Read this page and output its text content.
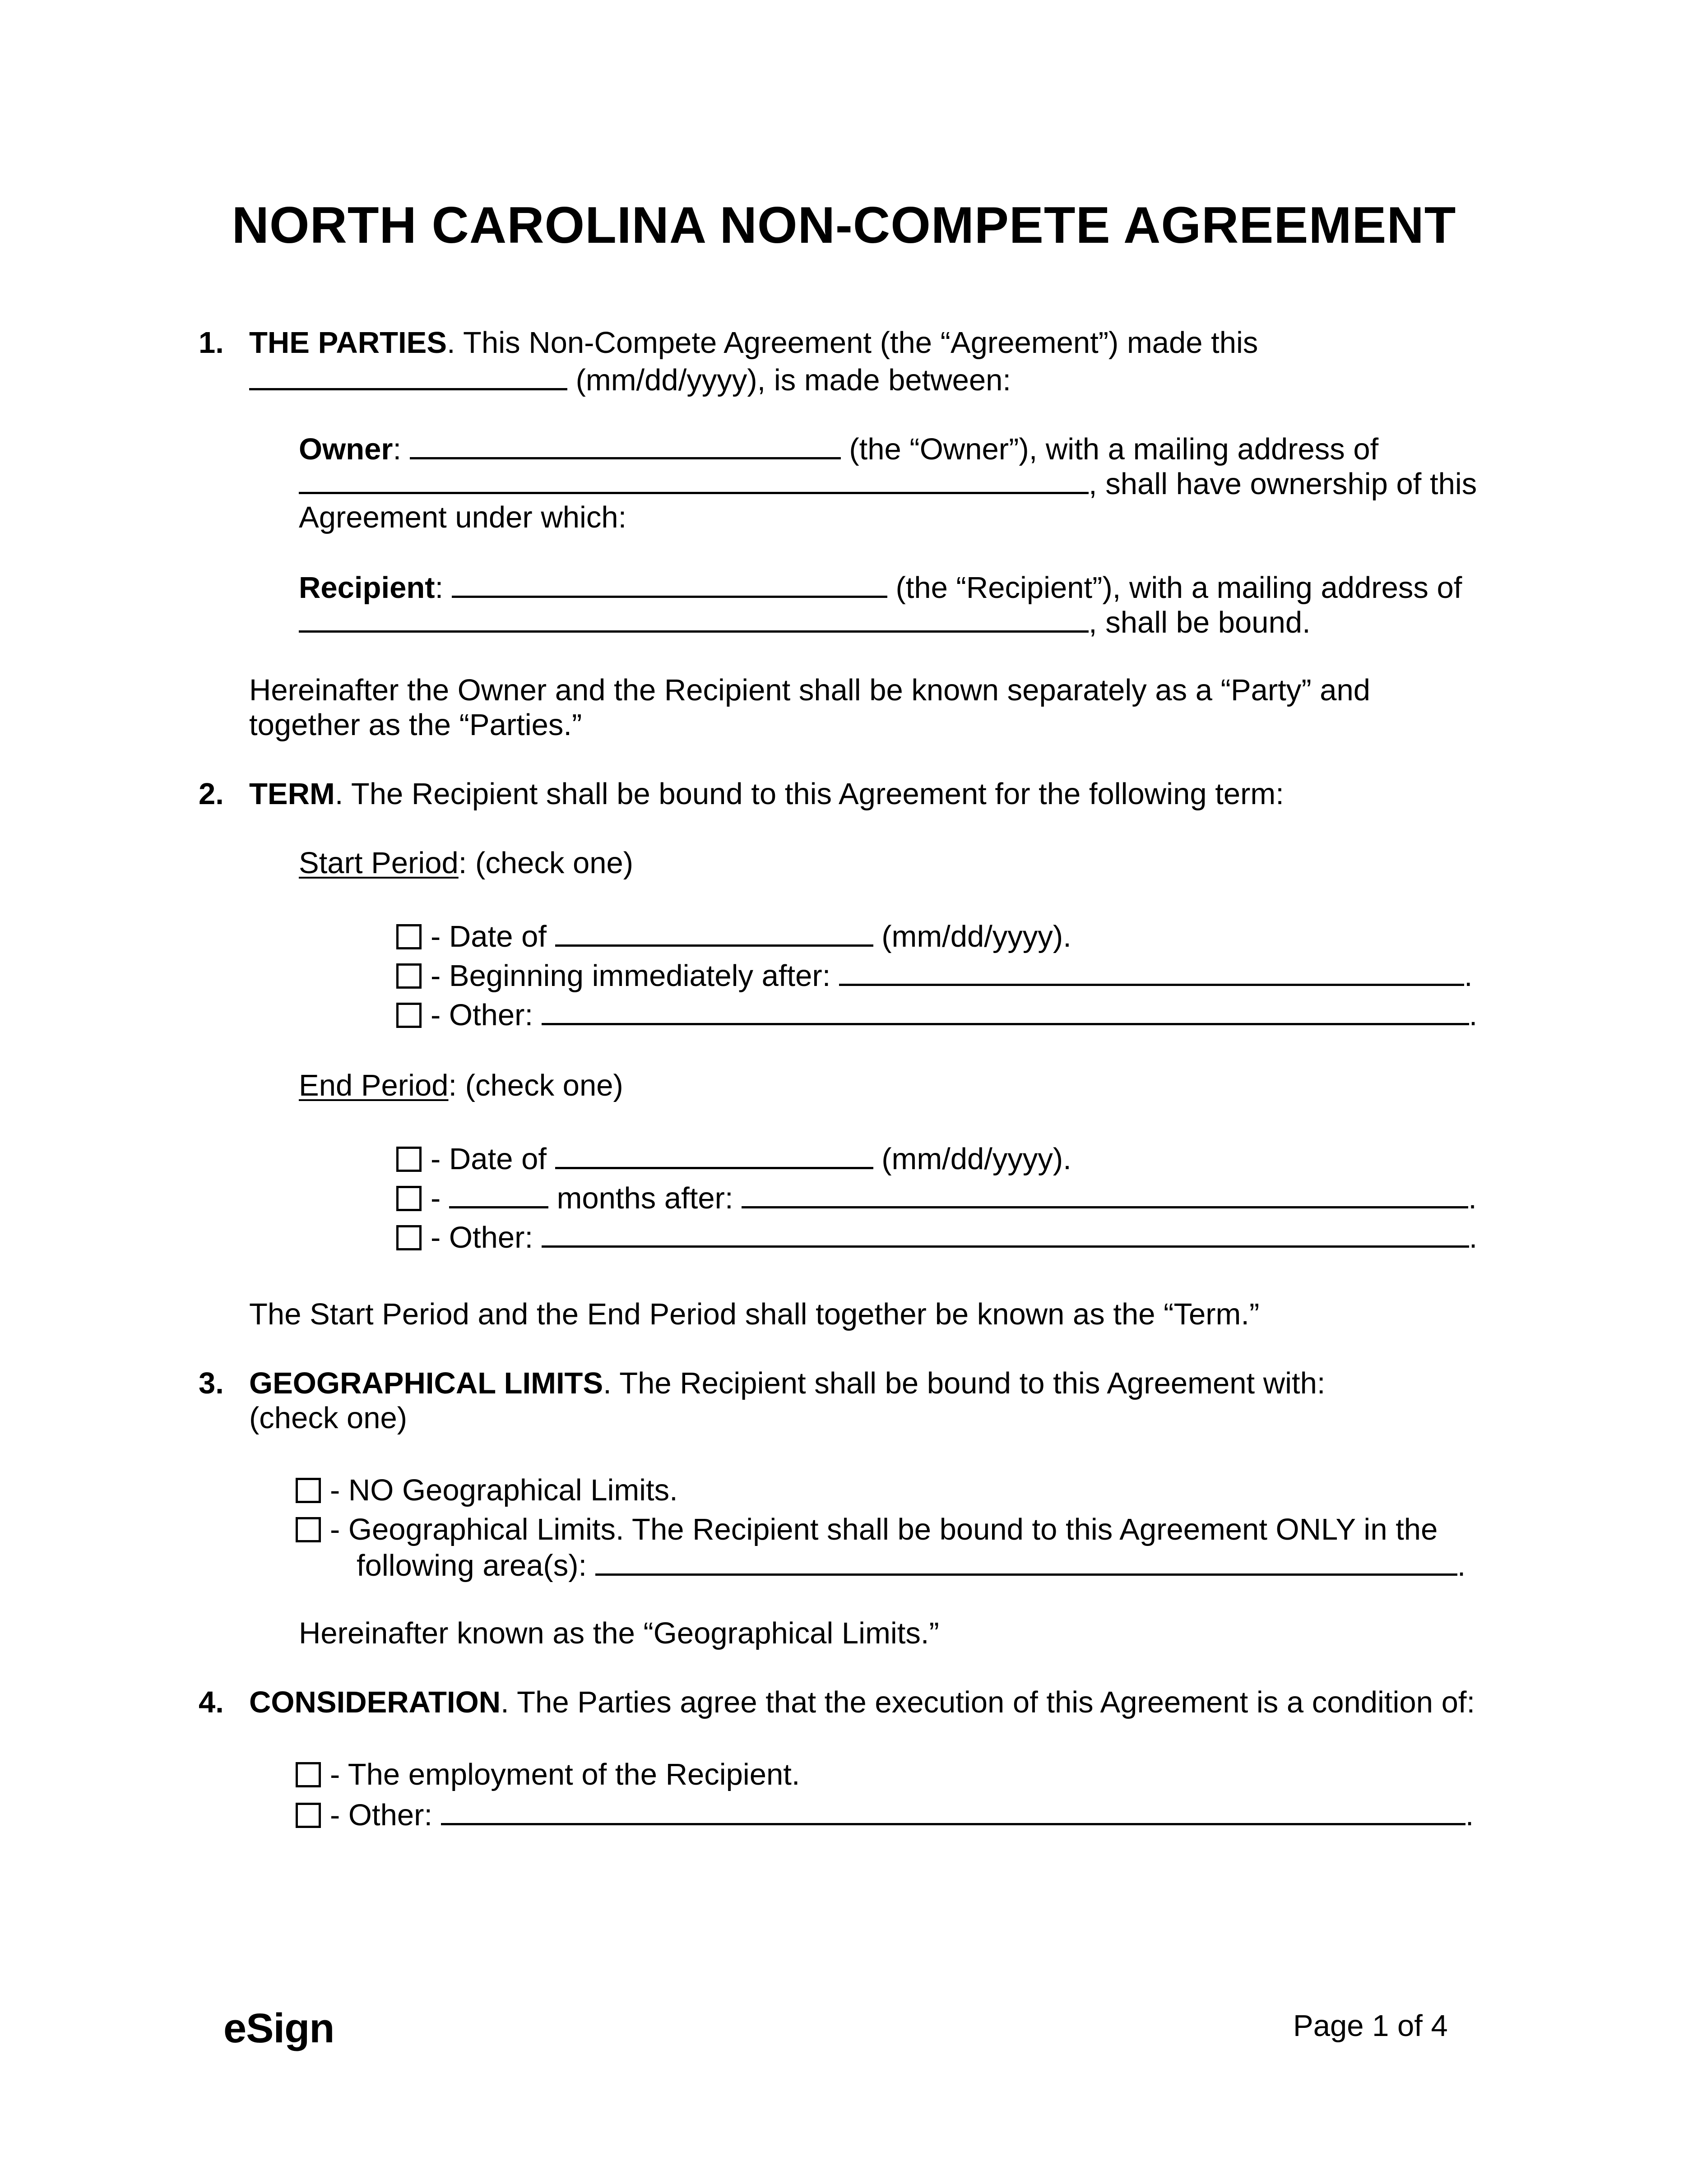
NORTH CAROLINA NON-COMPETE AGREEMENT
1. THE PARTIES. This Non-Compete Agreement (the “Agreement”) made this
(mm/dd/yyyy), is made between:
Owner:	(the “Owner”), with a mailing address of
, shall have ownership of this
Agreement under which:
Recipient:	(the “Recipient”), with a mailing address of
, shall be bound.
Hereinafter the Owner and the Recipient shall be known separately as a “Party” and
together as the “Parties.”
2. TERM. The Recipient shall be bound to this Agreement for the following term:
Start Period: (check one)
- Date of	(mm/dd/yyyy).
- Beginning immediately after:	.
- Other:	.
End Period: (check one)
- Date of	(mm/dd/yyyy).
-	months after:	.
- Other:	.
The Start Period and the End Period shall together be known as the “Term.”
3. GEOGRAPHICAL LIMITS. The Recipient shall be bound to this Agreement with:
(check one)
- NO Geographical Limits.
- Geographical Limits. The Recipient shall be bound to this Agreement ONLY in the
following area(s):	.
Hereinafter known as the “Geographical Limits.”
4. CONSIDERATION. The Parties agree that the execution of this Agreement is a condition of:
- The employment of the Recipient.
- Other:	.
eSign	Page 1 of 4
